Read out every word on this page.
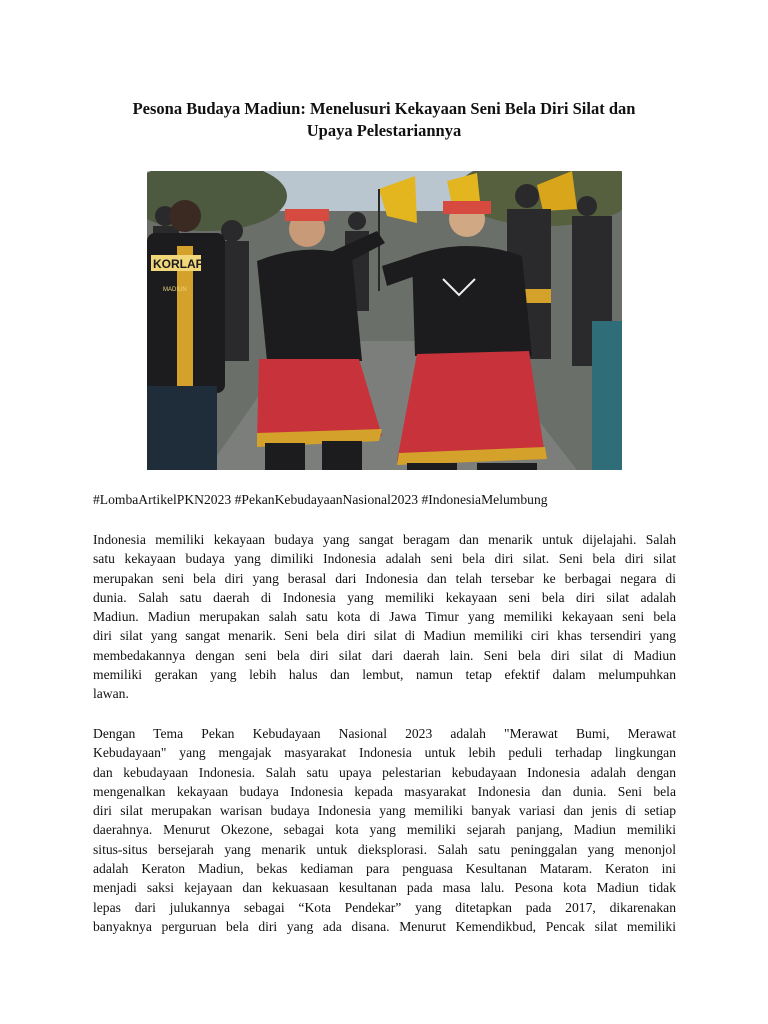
Pesona Budaya Madiun: Menelusuri Kekayaan Seni Bela Diri Silat dan
Upaya Pelestariannya
KORLAP
MADIUN
#LombaArtikelPKN2023 #PekanKebudayaanNasional2023 #IndonesiaMelumbung

Indonesia memiliki kekayaan budaya yang sangat beragam dan menarik untuk dijelajahi. Salah
satu kekayaan budaya yang dimiliki Indonesia adalah seni bela diri silat. Seni bela diri silat
merupakan seni bela diri yang berasal dari Indonesia dan telah tersebar ke berbagai negara di
dunia. Salah satu daerah di Indonesia yang memiliki kekayaan seni bela diri silat adalah
Madiun. Madiun merupakan salah satu kota di Jawa Timur yang memiliki kekayaan seni bela
diri silat yang sangat menarik. Seni bela diri silat di Madiun memiliki ciri khas tersendiri yang
membedakannya dengan seni bela diri silat dari daerah lain. Seni bela diri silat di Madiun
memiliki gerakan yang lebih halus dan lembut, namun tetap efektif dalam melumpuhkan
lawan.

Dengan Tema Pekan Kebudayaan Nasional 2023 adalah "Merawat Bumi, Merawat
Kebudayaan" yang mengajak masyarakat Indonesia untuk lebih peduli terhadap lingkungan
dan kebudayaan Indonesia. Salah satu upaya pelestarian kebudayaan Indonesia adalah dengan
mengenalkan kekayaan budaya Indonesia kepada masyarakat Indonesia dan dunia. Seni bela
diri silat merupakan warisan budaya Indonesia yang memiliki banyak variasi dan jenis di setiap
daerahnya. Menurut Okezone, sebagai kota yang memiliki sejarah panjang, Madiun memiliki
situs-situs bersejarah yang menarik untuk dieksplorasi. Salah satu peninggalan yang menonjol
adalah Keraton Madiun, bekas kediaman para penguasa Kesultanan Mataram. Keraton ini
menjadi saksi kejayaan dan kekuasaan kesultanan pada masa lalu. Pesona kota Madiun tidak
lepas dari julukannya sebagai “Kota Pendekar” yang ditetapkan pada 2017, dikarenakan
banyaknya perguruan bela diri yang ada disana. Menurut Kemendikbud, Pencak silat memiliki
